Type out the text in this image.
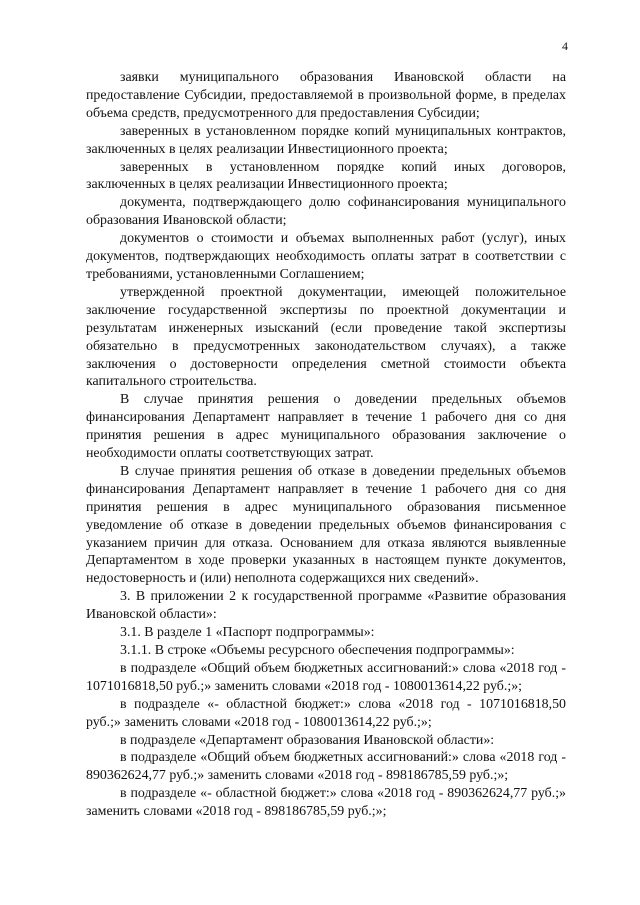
4

заявки муниципального образования Ивановской области на предоставление Субсидии, предоставляемой в произвольной форме, в пределах объема средств, предусмотренного для предоставления Субсидии;

заверенных в установленном порядке копий муниципальных контрактов, заключенных в целях реализации Инвестиционного проекта;

заверенных в установленном порядке копий иных договоров, заключенных в целях реализации Инвестиционного проекта;

документа, подтверждающего долю софинансирования муниципального образования Ивановской области;

документов о стоимости и объемах выполненных работ (услуг), иных документов, подтверждающих необходимость оплаты затрат в соответствии с требованиями, установленными Соглашением;

утвержденной проектной документации, имеющей положительное заключение государственной экспертизы по проектной документации и результатам инженерных изысканий (если проведение такой экспертизы обязательно в предусмотренных законодательством случаях), а также заключения о достоверности определения сметной стоимости объекта капитального строительства.

В случае принятия решения о доведении предельных объемов финансирования Департамент направляет в течение 1 рабочего дня со дня принятия решения в адрес муниципального образования заключение о необходимости оплаты соответствующих затрат.

В случае принятия решения об отказе в доведении предельных объемов финансирования Департамент направляет в течение 1 рабочего дня со дня принятия решения в адрес муниципального образования письменное уведомление об отказе в доведении предельных объемов финансирования с указанием причин для отказа. Основанием для отказа являются выявленные Департаментом в ходе проверки указанных в настоящем пункте документов, недостоверность и (или) неполнота содержащихся них сведений».

3. В приложении 2 к государственной программе «Развитие образования Ивановской области»:

3.1. В разделе 1 «Паспорт подпрограммы»:

3.1.1. В строке «Объемы ресурсного обеспечения подпрограммы»:

в подразделе «Общий объем бюджетных ассигнований:» слова «2018 год - 1071016818,50 руб.;» заменить словами «2018 год - 1080013614,22 руб.;»;

в подразделе «- областной бюджет:» слова «2018 год - 1071016818,50 руб.;» заменить словами «2018 год - 1080013614,22 руб.;»;

в подразделе «Департамент образования Ивановской области»:

в подразделе «Общий объем бюджетных ассигнований:» слова «2018 год - 890362624,77 руб.;» заменить словами «2018 год - 898186785,59 руб.;»;

в подразделе «- областной бюджет:» слова «2018 год - 890362624,77 руб.;» заменить словами «2018 год - 898186785,59 руб.;»;
